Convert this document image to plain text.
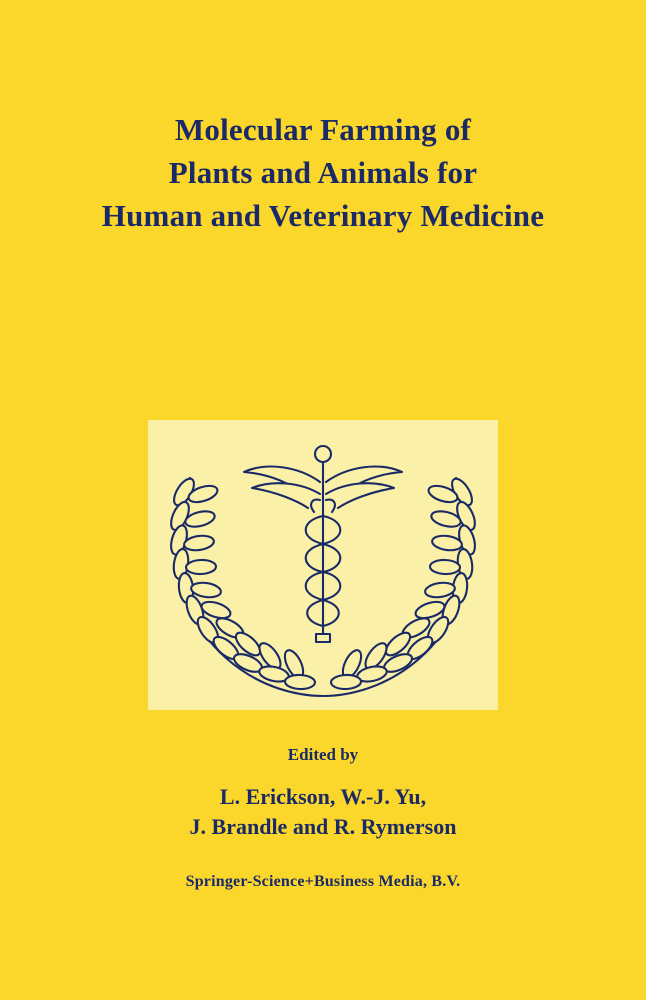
Molecular Farming of
Plants and Animals for
Human and Veterinary Medicine
Edited by
L. Erickson, W.-J. Yu,
J. Brandle and R. Rymerson
Springer-Science+Business Media, B.V.
